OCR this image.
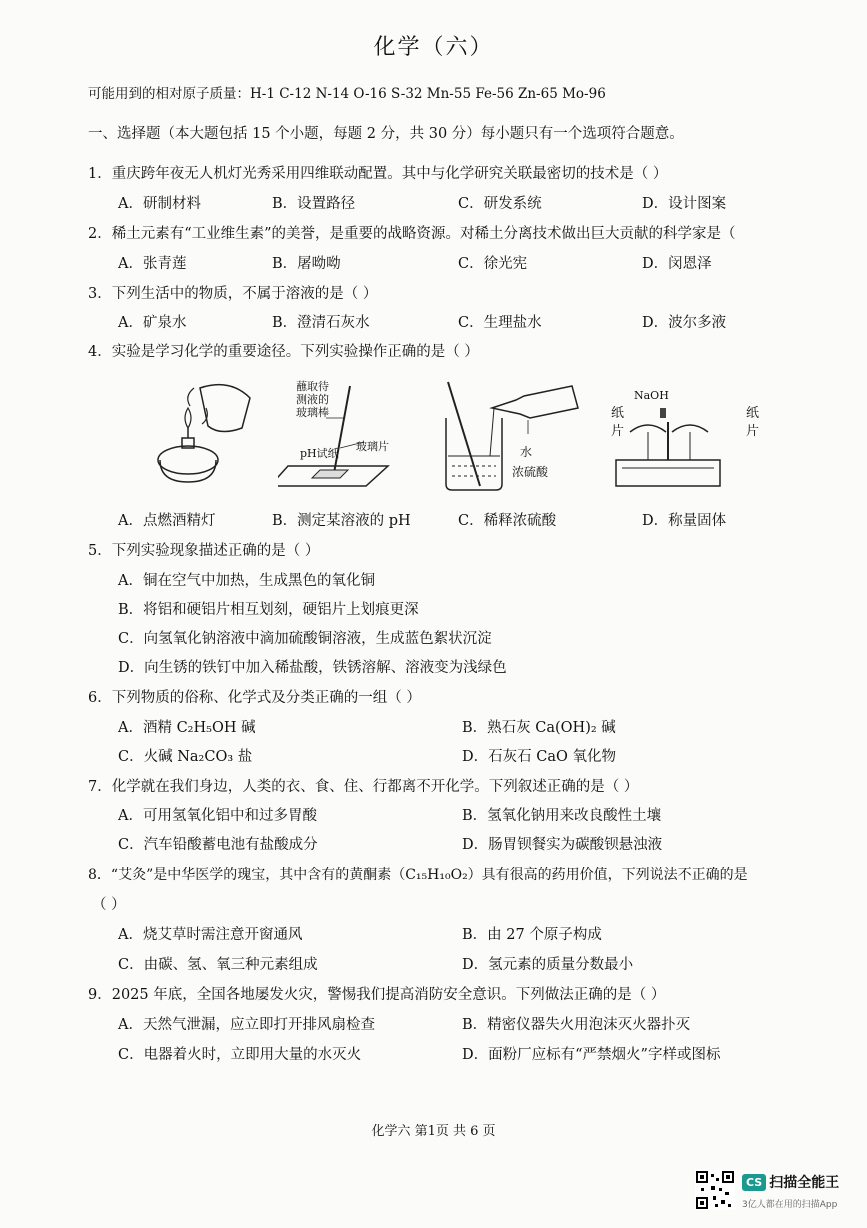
化学（六）
可能用到的相对原子质量：H-1 C-12 N-14 O-16 S-32 Mn-55 Fe-56 Zn-65 Mo-96
一、选择题（本大题包括 15 个小题，每题 2 分，共 30 分）每小题只有一个选项符合题意。
1．重庆跨年夜无人机灯光秀采用四维联动配置。其中与化学研究关联最密切的技术是（ ）
A．研制材料	B．设置路径	C．研发系统	D．设计图案
2．稀土元素有“工业维生素”的美誉，是重要的战略资源。对稀土分离技术做出巨大贡献的科学家是（
A．张青莲	B．屠呦呦	C．徐光宪	D．闵恩泽
3．下列生活中的物质，不属于溶液的是（ ）
A．矿泉水	B．澄清石灰水	C．生理盐水	D．波尔多液
4．实验是学习化学的重要途径。下列实验操作正确的是（ ）
蘸取待
测液的
玻璃棒
pH试纸
玻璃片	水
浓硫酸
NaOH
纸
片
纸
片
A．点燃酒精灯	B．测定某溶液的 pH	C．稀释浓硫酸	D．称量固体
5．下列实验现象描述正确的是（ ）
A．铜在空气中加热，生成黑色的氧化铜
B．将铝和硬铝片相互划刻，硬铝片上划痕更深
C．向氢氧化钠溶液中滴加硫酸铜溶液，生成蓝色絮状沉淀
D．向生锈的铁钉中加入稀盐酸，铁锈溶解、溶液变为浅绿色
6．下列物质的俗称、化学式及分类正确的一组（ ）
A．酒精 C₂H₅OH 碱	B．熟石灰 Ca(OH)₂ 碱
C．火碱 Na₂CO₃ 盐	D．石灰石 CaO 氧化物
7．化学就在我们身边，人类的衣、食、住、行都离不开化学。下列叙述正确的是（ ）
A．可用氢氧化铝中和过多胃酸	B．氢氧化钠用来改良酸性土壤
C．汽车铅酸蓄电池有盐酸成分	D．肠胃钡餐实为碳酸钡悬浊液
8．“艾灸”是中华医学的瑰宝，其中含有的黄酮素（C₁₅H₁₀O₂）具有很高的药用价值，下列说法不正确的是
（ ）
A．烧艾草时需注意开窗通风	B．由 27 个原子构成
C．由碳、氢、氧三种元素组成	D．氢元素的质量分数最小
9．2025 年底，全国各地屡发火灾，警惕我们提高消防安全意识。下列做法正确的是（ ）
A．天然气泄漏，应立即打开排风扇检查	B．精密仪器失火用泡沫灭火器扑灭
C．电器着火时，立即用大量的水灭火	D．面粉厂应标有“严禁烟火”字样或图标
化学六 第1页 共 6 页
CS 扫描全能王
3亿人都在用的扫描App
